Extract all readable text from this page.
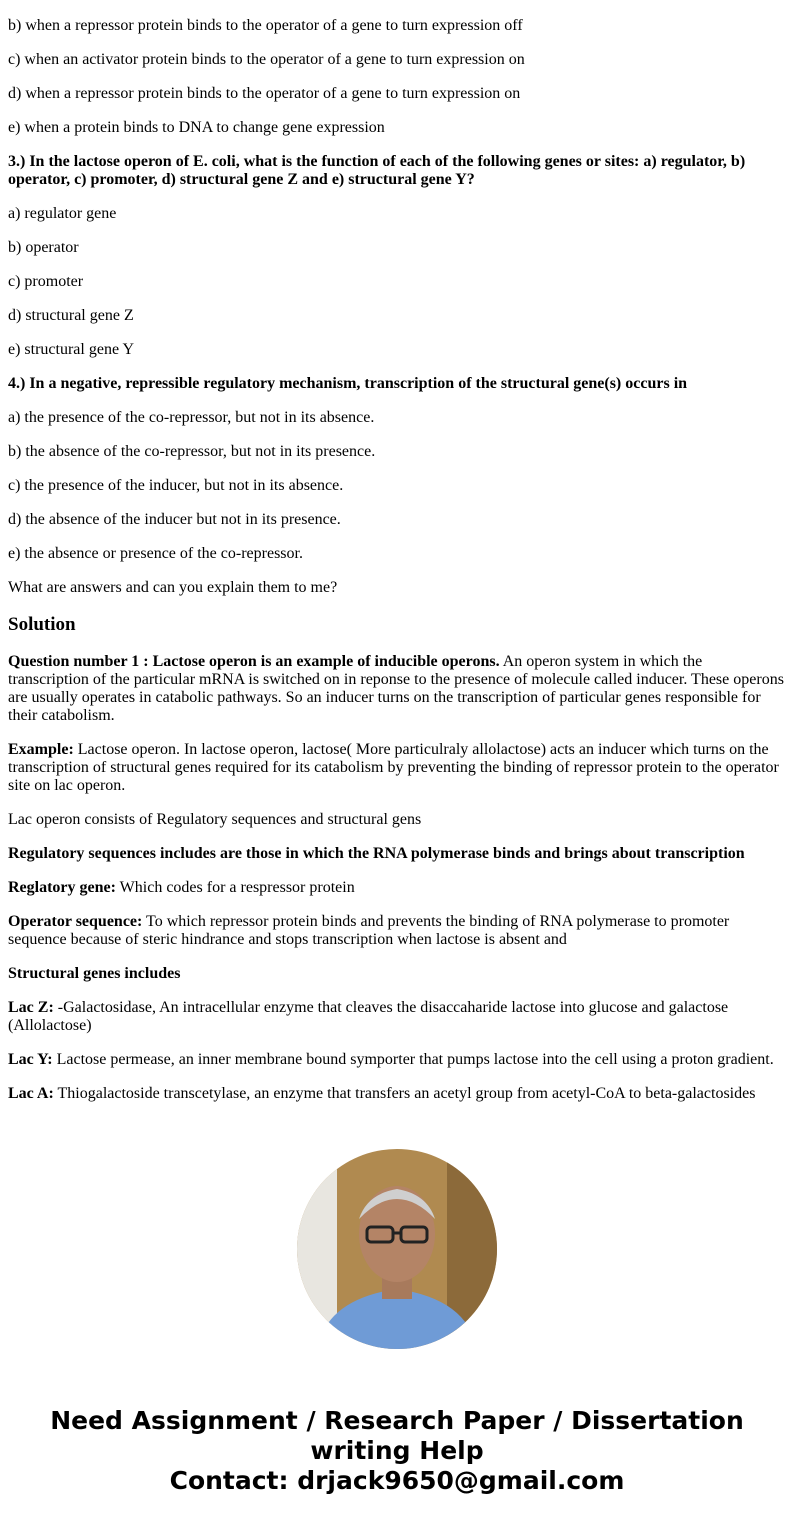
b) when a repressor protein binds to the operator of a gene to turn expression off

c) when an activator protein binds to the operator of a gene to turn expression on

d) when a repressor protein binds to the operator of a gene to turn expression on

e) when a protein binds to DNA to change gene expression

3.) In the lactose operon of E. coli, what is the function of each of the following genes or sites: a) regulator, b) operator, c) promoter, d) structural gene Z and e) structural gene Y?

a) regulator gene

b) operator

c) promoter

d) structural gene Z

e) structural gene Y

4.) In a negative, repressible regulatory mechanism, transcription of the structural gene(s) occurs in

a) the presence of the co-repressor, but not in its absence.

b) the absence of the co-repressor, but not in its presence.

c) the presence of the inducer, but not in its absence.

d) the absence of the inducer but not in its presence.

e) the absence or presence of the co-repressor.

What are answers and can you explain them to me?

Solution

Question number 1 : Lactose operon is an example of inducible operons. An operon system in which the transcription of the particular mRNA is switched on in reponse to the presence of molecule called inducer. These operons are usually operates in catabolic pathways. So an inducer turns on the transcription of particular genes responsible for their catabolism.

Example: Lactose operon. In lactose operon, lactose( More particulraly allolactose) acts an inducer which turns on the transcription of structural genes required for its catabolism by preventing the binding of repressor protein to the operator site on lac operon.

Lac operon consists of Regulatory sequences and structural gens

Regulatory sequences includes are those in which the RNA polymerase binds and brings about transcription

Reglatory gene: Which codes for a respressor protein

Operator sequence: To which repressor protein binds and prevents the binding of RNA polymerase to promoter sequence because of steric hindrance and stops transcription when lactose is absent and

Structural genes includes

Lac Z: -Galactosidase, An intracellular enzyme that cleaves the disaccaharide lactose into glucose and galactose (Allolactose)

Lac Y: Lactose permease, an inner membrane bound symporter that pumps lactose into the cell using a proton gradient.

Lac A: Thiogalactoside transcetylase, an enzyme that transfers an acetyl group from acetyl-CoA to beta-galactosides

Need Assignment / Research Paper / Dissertation writing Help
Contact: drjack9650@gmail.com
